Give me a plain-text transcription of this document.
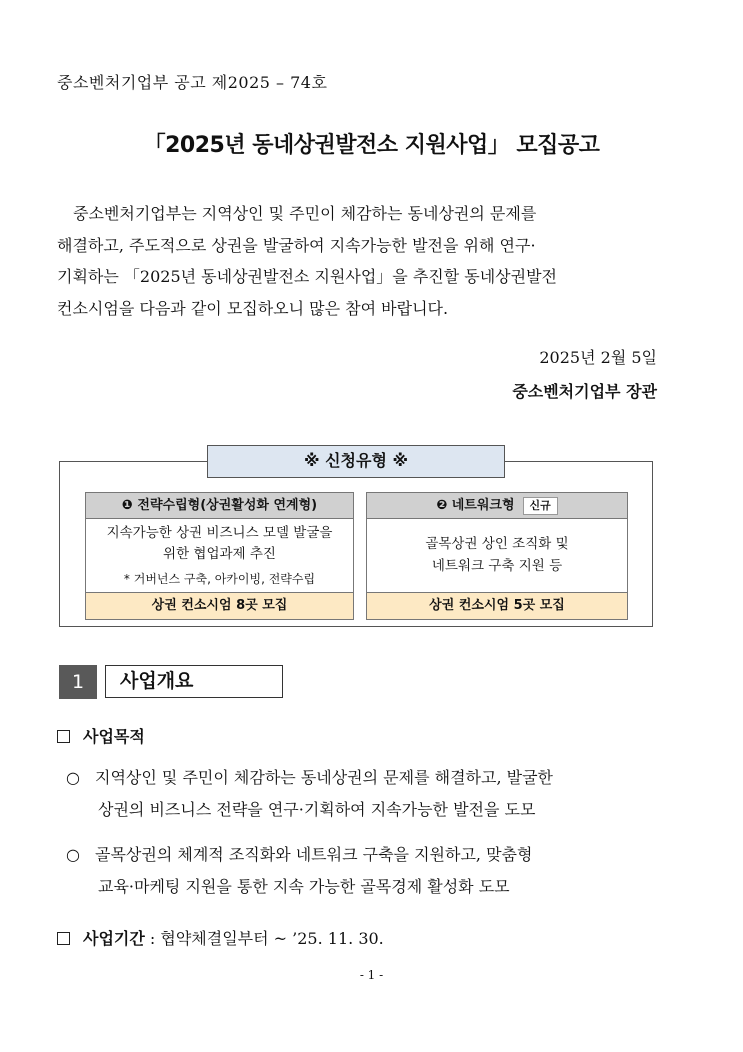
중소벤처기업부 공고 제2025 – 74호
「2025년 동네상권발전소 지원사업」 모집공고
중소벤처기업부는 지역상인 및 주민이 체감하는 동네상권의 문제를
해결하고, 주도적으로 상권을 발굴하여 지속가능한 발전을 위해 연구·
기획하는 「2025년 동네상권발전소 지원사업」을 추진할 동네상권발전
컨소시엄을 다음과 같이 모집하오니 많은 참여 바랍니다.
2025년 2월 5일
중소벤처기업부 장관
※ 신청유형 ※
❶ 전략수립형(상권활성화 연계형)
지속가능한 상권 비즈니스 모델 발굴을
위한 협업과제 추진
* 거버넌스 구축, 아카이빙, 전략수립
상권 컨소시엄 8곳 모집
❷ 네트워크형 신규
골목상권 상인 조직화 및
네트워크 구축 지원 등
상권 컨소시엄 5곳 모집
1	사업개요
사업목적
○ 지역상인 및 주민이 체감하는 동네상권의 문제를 해결하고, 발굴한
상권의 비즈니스 전략을 연구·기획하여 지속가능한 발전을 도모
○ 골목상권의 체계적 조직화와 네트워크 구축을 지원하고, 맞춤형
교육·마케팅 지원을 통한 지속 가능한 골목경제 활성화 도모
사업기간 : 협약체결일부터 ~ ’25. 11. 30.
- 1 -
